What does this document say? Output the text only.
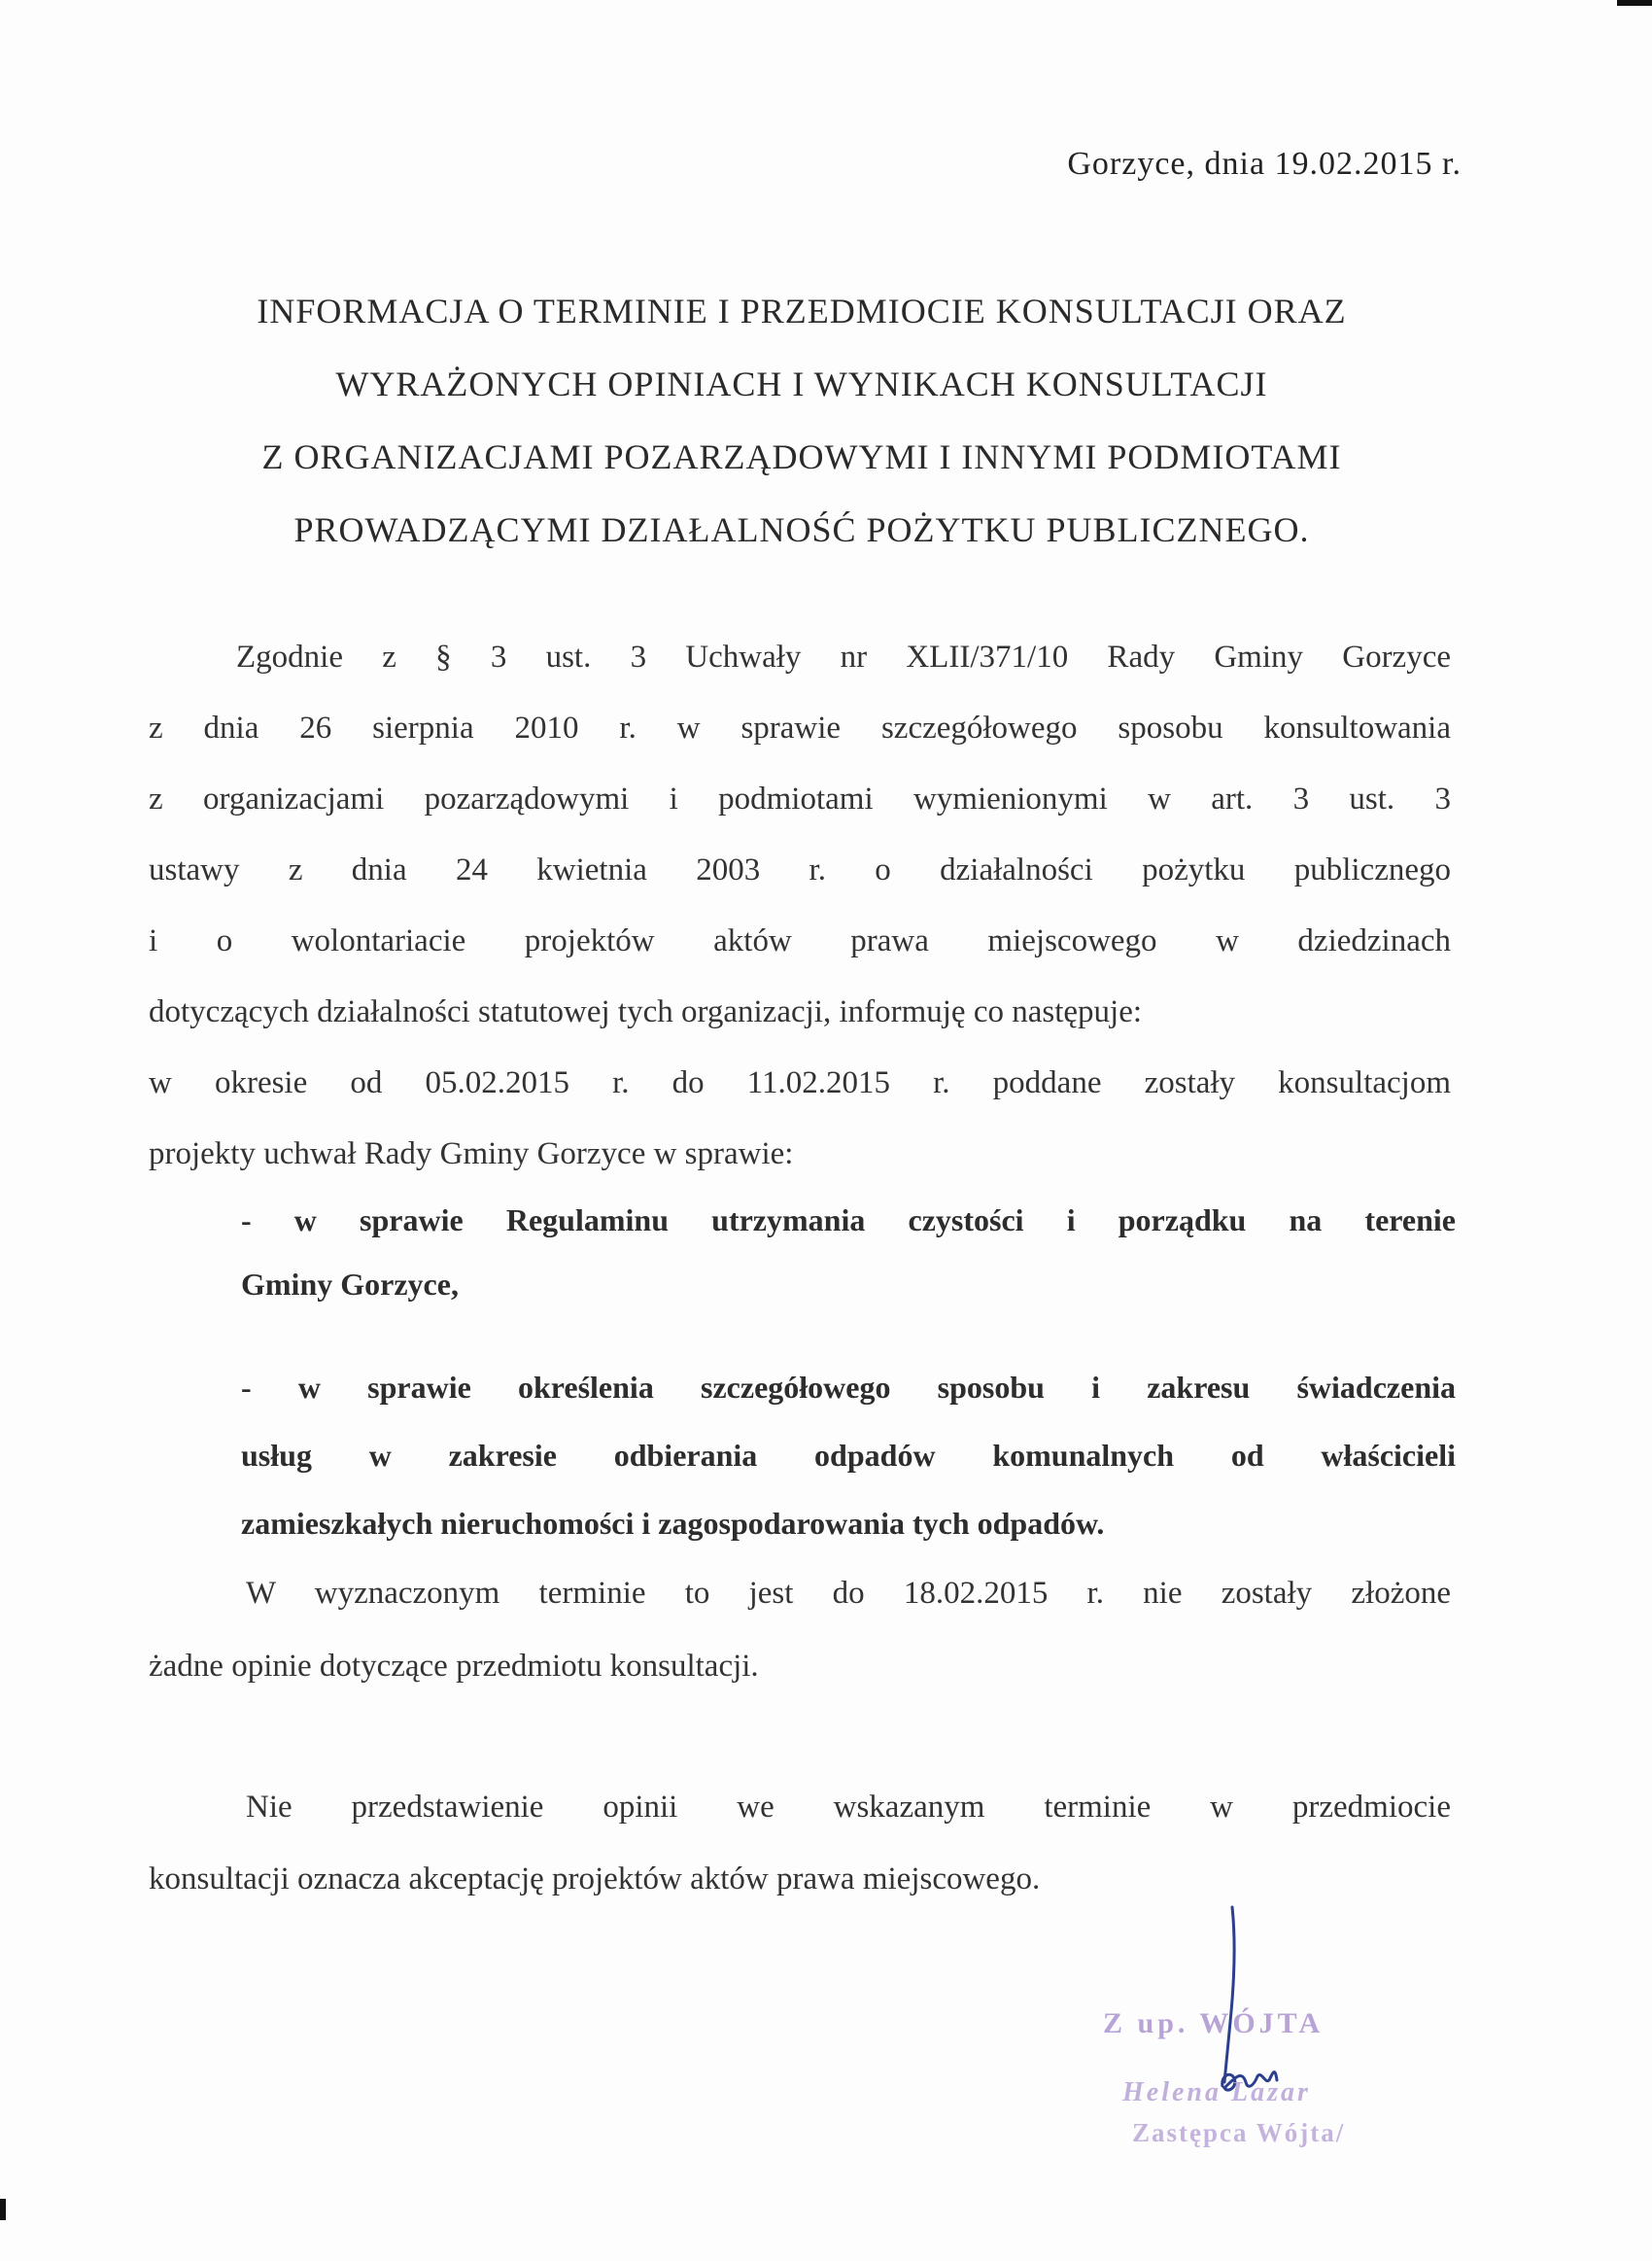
Gorzyce, dnia 19.02.2015 r.
INFORMACJA O TERMINIE I PRZEDMIOCIE KONSULTACJI ORAZ
WYRAŻONYCH OPINIACH I WYNIKACH KONSULTACJI
Z ORGANIZACJAMI POZARZĄDOWYMI I INNYMI PODMIOTAMI
PROWADZĄCYMI DZIAŁALNOŚĆ POŻYTKU PUBLICZNEGO.
Zgodnie z § 3 ust. 3 Uchwały nr XLII/371/10 Rady Gminy Gorzyce
z dnia 26 sierpnia 2010 r. w sprawie szczegółowego sposobu konsultowania
z organizacjami pozarządowymi i podmiotami wymienionymi w art. 3 ust. 3
ustawy z dnia 24 kwietnia 2003 r. o działalności pożytku publicznego
i o wolontariacie projektów aktów prawa miejscowego w dziedzinach
dotyczących działalności statutowej tych organizacji, informuję co następuje:
w okresie od 05.02.2015 r. do 11.02.2015 r. poddane zostały konsultacjom
projekty uchwał Rady Gminy Gorzyce w sprawie:
- w sprawie Regulaminu utrzymania czystości i porządku na terenie
Gminy Gorzyce,
- w sprawie określenia szczegółowego sposobu i zakresu świadczenia
usług w zakresie odbierania odpadów komunalnych od właścicieli
zamieszkałych nieruchomości i zagospodarowania tych odpadów.
W wyznaczonym terminie to jest do 18.02.2015 r. nie zostały złożone
żadne opinie dotyczące przedmiotu konsultacji.
Nie przedstawienie opinii we wskazanym terminie w przedmiocie
konsultacji oznacza akceptację projektów aktów prawa miejscowego.
Z up. WÓJTA
Helena Lazar
Zastępca Wójta/
